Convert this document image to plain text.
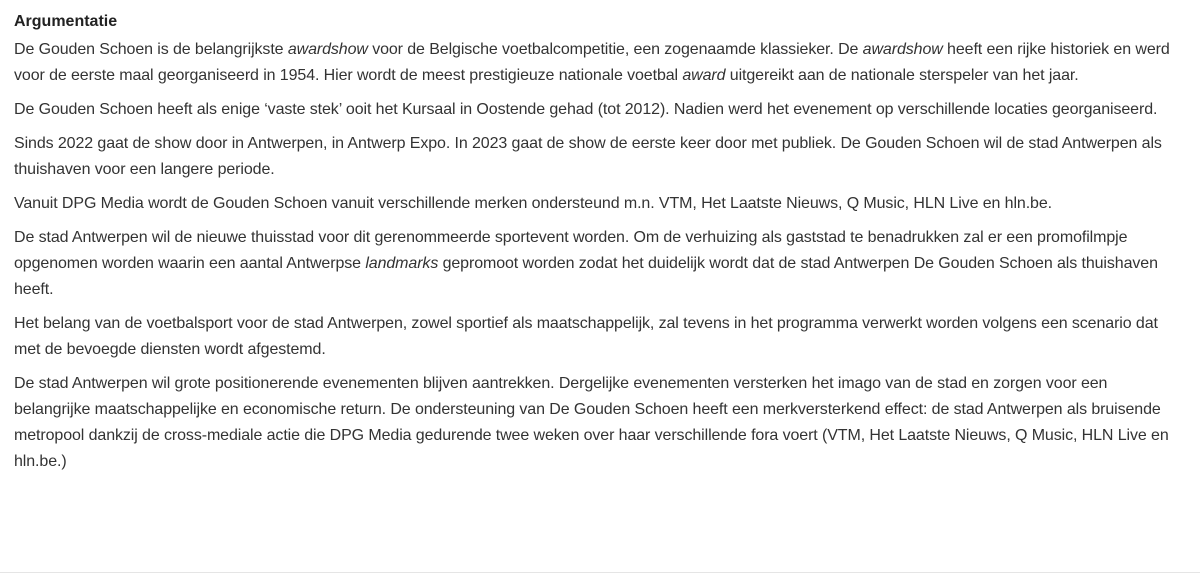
Argumentatie

De Gouden Schoen is de belangrijkste awardshow voor de Belgische voetbalcompetitie, een zogenaamde klassieker. De awardshow heeft een rijke historiek en werd voor de eerste maal georganiseerd in 1954. Hier wordt de meest prestigieuze nationale voetbal award uitgereikt aan de nationale sterspeler van het jaar.

De Gouden Schoen heeft als enige ‘vaste stek’ ooit het Kursaal in Oostende gehad (tot 2012). Nadien werd het evenement op verschillende locaties georganiseerd.

Sinds 2022 gaat de show door in Antwerpen, in Antwerp Expo. In 2023 gaat de show de eerste keer door met publiek. De Gouden Schoen wil de stad Antwerpen als thuishaven voor een langere periode.

Vanuit DPG Media wordt de Gouden Schoen vanuit verschillende merken ondersteund m.n. VTM, Het Laatste Nieuws, Q Music, HLN Live en hln.be.

De stad Antwerpen wil de nieuwe thuisstad voor dit gerenommeerde sportevent worden. Om de verhuizing als gaststad te benadrukken zal er een promofilmpje opgenomen worden waarin een aantal Antwerpse landmarks gepromoot worden zodat het duidelijk wordt dat de stad Antwerpen De Gouden Schoen als thuishaven heeft.

Het belang van de voetbalsport voor de stad Antwerpen, zowel sportief als maatschappelijk, zal tevens in het programma verwerkt worden volgens een scenario dat met de bevoegde diensten wordt afgestemd.

De stad Antwerpen wil grote positionerende evenementen blijven aantrekken. Dergelijke evenementen versterken het imago van de stad en zorgen voor een belangrijke maatschappelijke en economische return. De ondersteuning van De Gouden Schoen heeft een merkversterkend effect: de stad Antwerpen als bruisende metropool dankzij de cross-mediale actie die DPG Media gedurende twee weken over haar verschillende fora voert (VTM, Het Laatste Nieuws, Q Music, HLN Live en hln.be.)
